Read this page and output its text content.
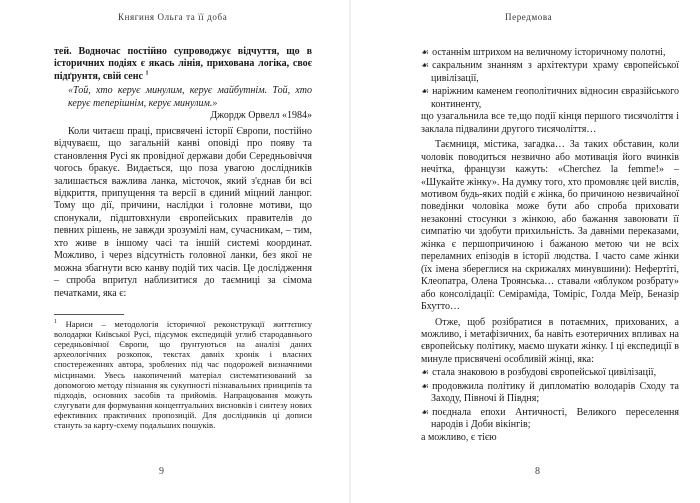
Княгиня Ольга та її доба

тей. Водночас постійно супроводжує відчуття, що в історичних подіях є якась лінія, прихована логіка, своє підґрунтя, свій сенс $^1$

«Той, хто керує минулим, керує майбутнім. Той, хто керує теперішнім, керує минулим.»

Джордж Орвелл «1984»

Коли читаєш праці, присвячені історії Європи, постійно відчуваєш, що загальній канві оповіді про появу та становлення Русі як провідної держави доби Середньовіччя чогось бракує. Видається, що поза увагою дослідників залишається важлива ланка, місточок, який з'єднав би всі відкриття, припущення та версії в єдиний міцний ланцюг. Тому що дії, причини, наслідки і головне мотиви, що спонукали, підштовхнули європейських правителів до певних рішень, не завжди зрозумілі нам, сучасникам, – тим, хто живе в іншому часі та іншій системі координат. Можливо, і через відсутність головної ланки, без якої не можна збагнути всю канву подій тих часів. Це дослідження – спроба впритул наблизитися до таємниці за сімома печатками, яка є:

$^1$ Нариси – методологія історичної реконструкції життєпису володарки Київської Русі, підсумок експедицій углиб стародавнього середньовічної Європи, що ґрунтуються на аналізі даних археологічних розкопок, текстах давніх хронік і власних спостереженнях автора, зроблених під час подорожей визначними місцинами. Увесь накопичений матеріал систематизований за допомогою методу пізнання як сукупності пізнавальних принципів та підходів, основних засобів та прийомів. Напрацювання можуть слугувати для формування концептуальних висновків і синтезу нових ефективних практичних пропозицій. Для дослідників ці дописи стануть за карту-схему подальших пошуків.

9
Передмова

☙ останнім штрихом на величному історичному полотні,

☙ сакральним знанням з архітектури храму європейської цивілізації,

☙ наріжним каменем геополітичних відносин євразійського континенту,

що узагальнила все те,що події кінця першого тисячоліття і заклала підвалини другого тисячоліття…

Таємниця, містика, загадка… За таких обставин, коли чоловік поводиться незвично або мотивація його вчинків нечітка, французи кажуть: «Cherchez la femme!» – «Шукайте жінку». На думку того, хто промовляє цей вислів, мотивом будь-яких подій є жінка, бо причиною незвичайної поведінки чоловіка може бути або спроба приховати незаконні стосунки з жінкою, або бажання завоювати її симпатію чи здобути прихильність. За давніми переказами, жінка є першопричиною і бажаною метою чи не всіх переламних епізодів в історії людства. І часто саме жінки (їх імена збереглися на скрижалях минувшини): Нефертіті, Клеопатра, Олена Троянська… ставали «яблуком розбрату» або консолідації: Семіраміда, Томіріс, Голда Меїр, Беназір Бхутто…

Отже, щоб розібратися в потаємних, прихованих, а можливо, і метафізичних, ба навіть езотеричних впливах на європейську політику, маємо шукати жінку. І ці експедиції в минуле присвячені особливій жінці, яка:

☙ стала знаковою в розбудові європейської цивілізації,

☙ продовжила політику й дипломатію володарів Сходу та Заходу, Півночі й Півдня;

☙ поєднала епохи Античності, Великого переселення народів і Доби вікінгів;

а можливо, є тією

8
